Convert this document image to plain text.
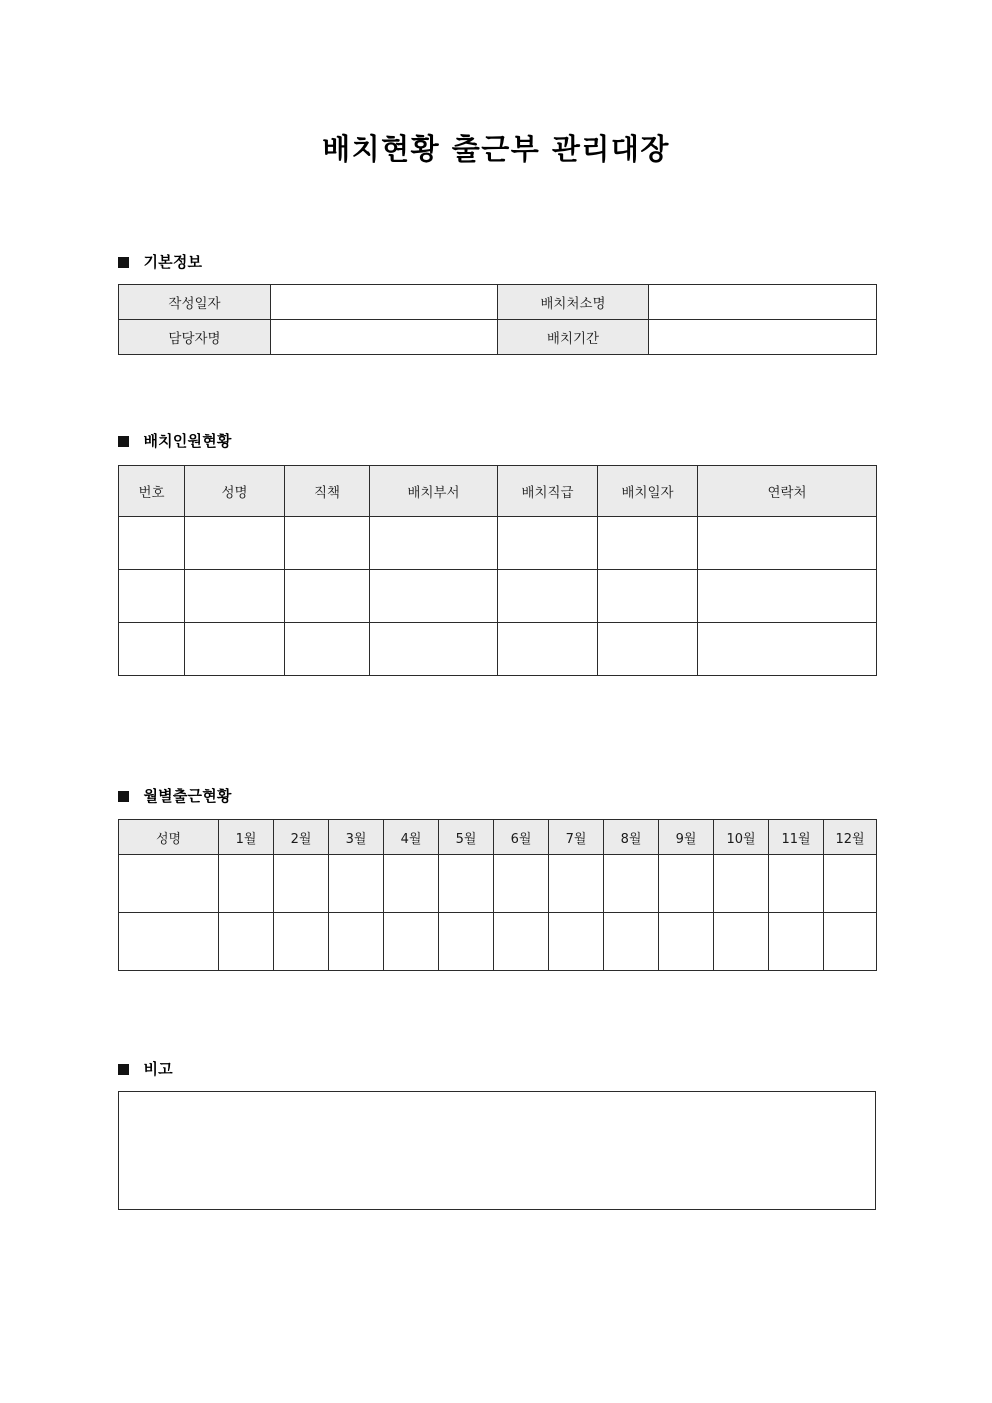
배치현황 출근부 관리대장
기본정보
작성일자		배치처소명	
담당자명		배치기간	
배치인원현황
번호	성명	직책	배치부서	배치직급	배치일자	연락처

월별출근현황
성명	1월	2월	3월	4월	5월	6월	7월	8월	9월	10월	11월	12월

비고
